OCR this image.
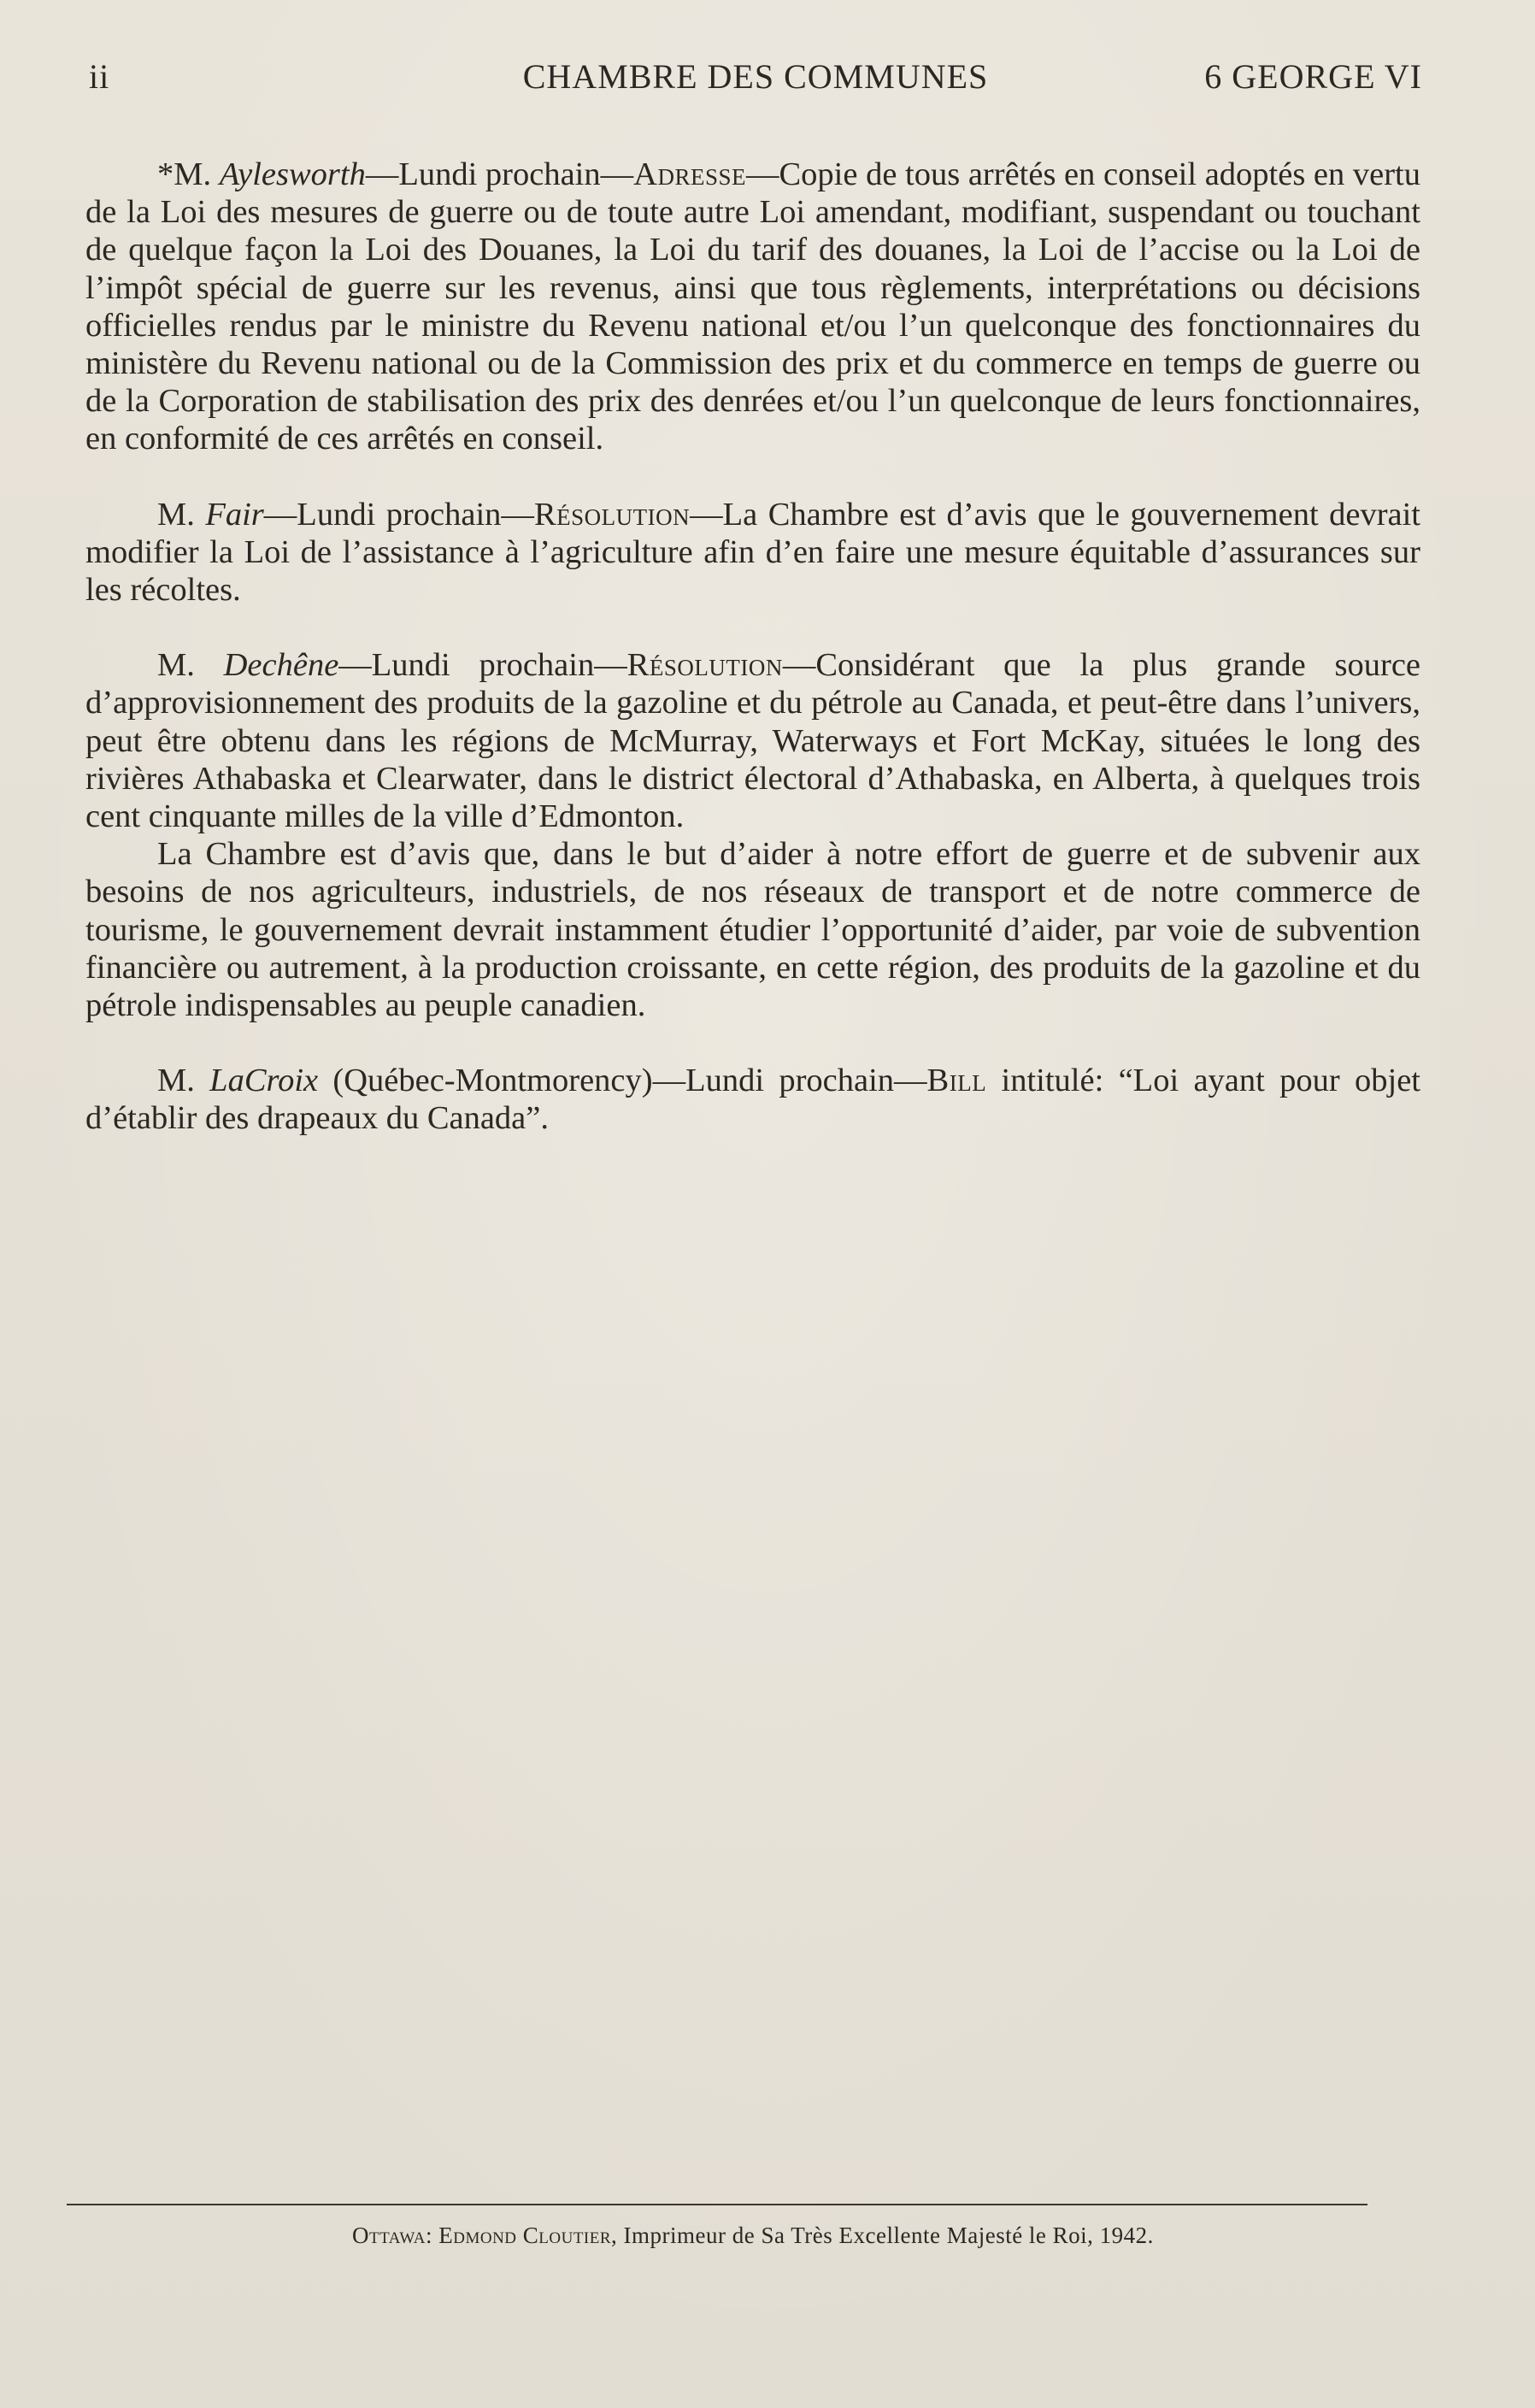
ii	CHAMBRE DES COMMUNES	6 GEORGE VI

*M. Aylesworth—Lundi prochain—Adresse—Copie de tous arrêtés en conseil adoptés en vertu de la Loi des mesures de guerre ou de toute autre Loi amendant, modifiant, suspendant ou touchant de quelque façon la Loi des Douanes, la Loi du tarif des douanes, la Loi de l’accise ou la Loi de l’impôt spécial de guerre sur les revenus, ainsi que tous règlements, interprétations ou décisions officielles rendus par le ministre du Revenu national et/ou l’un quelconque des fonctionnaires du ministère du Revenu national ou de la Commission des prix et du commerce en temps de guerre ou de la Corporation de stabilisation des prix des denrées et/ou l’un quelconque de leurs fonctionnaires, en conformité de ces arrêtés en conseil.

M. Fair—Lundi prochain—Résolution—La Chambre est d’avis que le gouvernement devrait modifier la Loi de l’assistance à l’agriculture afin d’en faire une mesure équitable d’assurances sur les récoltes.

M. Dechêne—Lundi prochain—Résolution—Considérant que la plus grande source d’approvisionnement des produits de la gazoline et du pétrole au Canada, et peut-être dans l’univers, peut être obtenu dans les régions de McMurray, Waterways et Fort McKay, situées le long des rivières Athabaska et Clearwater, dans le district électoral d’Athabaska, en Alberta, à quelques trois cent cinquante milles de la ville d’Edmonton.

La Chambre est d’avis que, dans le but d’aider à notre effort de guerre et de subvenir aux besoins de nos agriculteurs, industriels, de nos réseaux de transport et de notre commerce de tourisme, le gouvernement devrait instamment étudier l’opportunité d’aider, par voie de subvention financière ou autrement, à la production croissante, en cette région, des produits de la gazoline et du pétrole indispensables au peuple canadien.

M. LaCroix (Québec-Montmorency)—Lundi prochain—Bill intitulé: “Loi ayant pour objet d’établir des drapeaux du Canada”.

Ottawa: Edmond Cloutier, Imprimeur de Sa Très Excellente Majesté le Roi, 1942.
